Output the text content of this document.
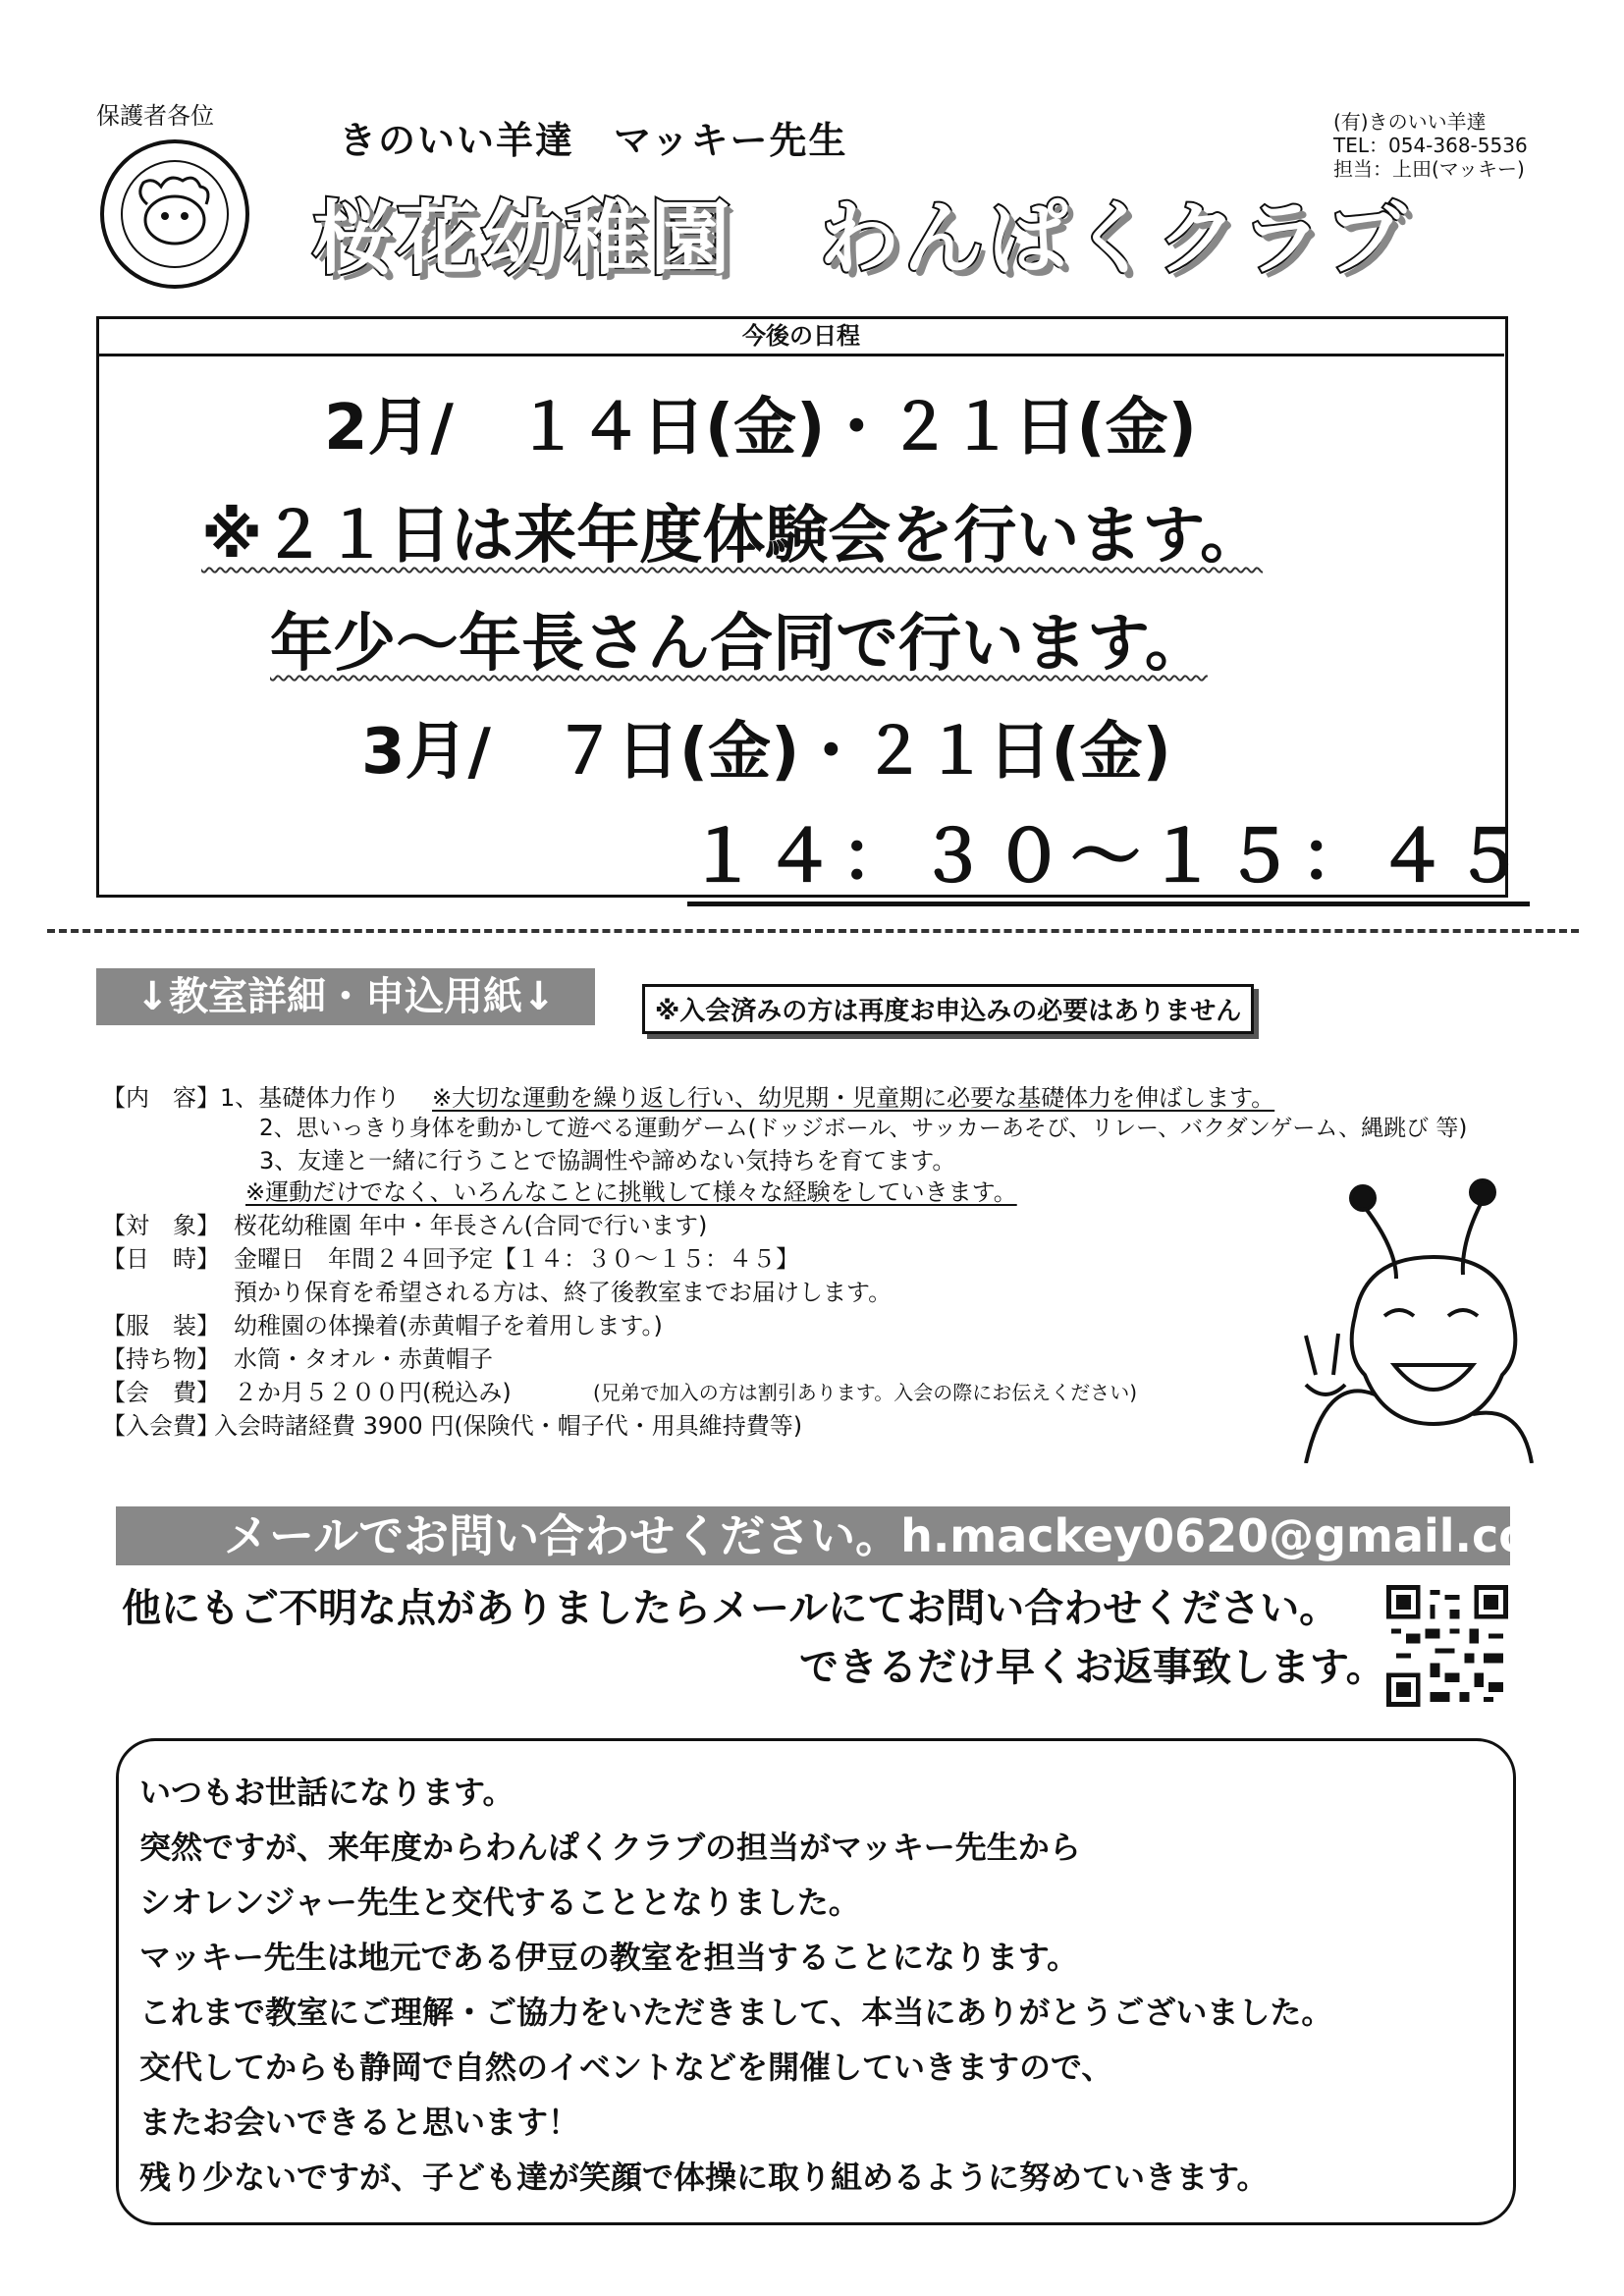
保護者各位
きのいい羊達　マッキー先生
桜花幼稚園　わんぱくクラブ
(有)きのいい羊達
TEL：054-368-5536
担当：上田(マッキー)
今後の日程
2月/　１４日(金)・２１日(金)
※２１日は来年度体験会を行います。
年少～年長さん合同で行います。
3月/　７日(金)・２１日(金)
１４：３０～１５：４５
↓教室詳細・申込用紙↓	※入会済みの方は再度お申込みの必要はありません
【内　容】 1、基礎体力作り ※大切な運動を繰り返し行い、幼児期・児童期に必要な基礎体力を伸ばします。
2、思いっきり身体を動かして遊べる運動ゲーム(ドッジボール、サッカーあそび、リレー、バクダンゲーム、縄跳び 等)
3、友達と一緒に行うことで協調性や諦めない気持ちを育てます。
※運動だけでなく、いろんなことに挑戦して様々な経験をしていきます。
【対　象】 桜花幼稚園 年中・年長さん(合同で行います)
【日　時】 金曜日　年間２４回予定【１４：３０～１５：４５】
預かり保育を希望される方は、終了後教室までお届けします。
【服　装】 幼稚園の体操着(赤黄帽子を着用します。)
【持ち物】 水筒・タオル・赤黄帽子
【会　費】 ２か月５２００円(税込み)	(兄弟で加入の方は割引あります。入会の際にお伝えください)
【入会費】
入会時諸経費 3900 円(保険代・帽子代・用具維持費等)
メールでお問い合わせください。h.mackey0620@gmail.com
他にもご不明な点がありましたらメールにてお問い合わせください。
できるだけ早くお返事致します。
いつもお世話になります。
突然ですが、来年度からわんぱくクラブの担当がマッキー先生から
シオレンジャー先生と交代することとなりました。
マッキー先生は地元である伊豆の教室を担当することになります。
これまで教室にご理解・ご協力をいただきまして、本当にありがとうございました。
交代してからも静岡で自然のイベントなどを開催していきますので、
またお会いできると思います！
残り少ないですが、子ども達が笑顔で体操に取り組めるように努めていきます。
